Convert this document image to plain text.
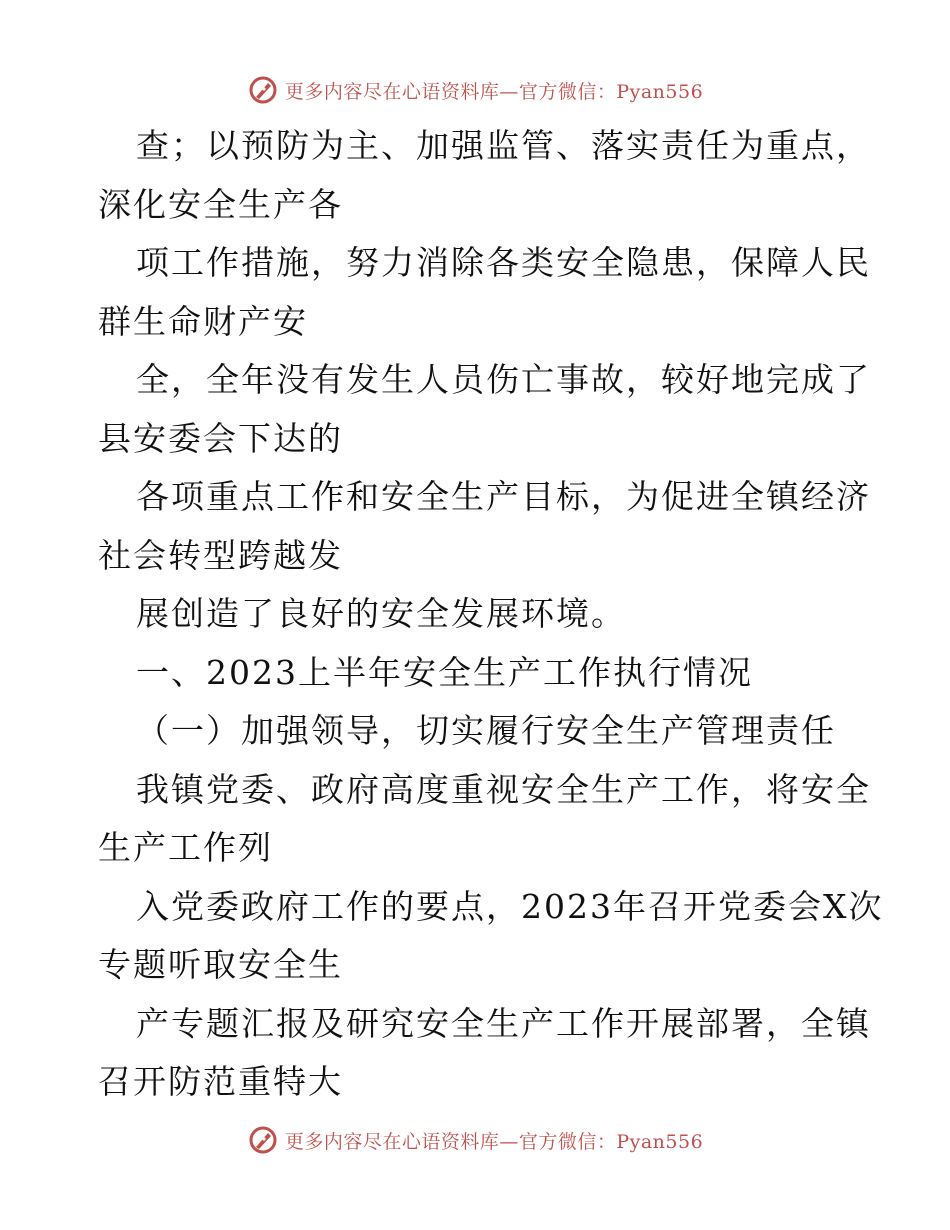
更多内容尽在心语资料库—官方微信：Pyan556
查；以预防为主、加强监管、落实责任为重点，
深化安全生产各
项工作措施，努力消除各类安全隐患，保障人民
群生命财产安
全，全年没有发生人员伤亡事故，较好地完成了
县安委会下达的
各项重点工作和安全生产目标，为促进全镇经济
社会转型跨越发
展创造了良好的安全发展环境。
一、2023上半年安全生产工作执行情况
（一）加强领导，切实履行安全生产管理责任
我镇党委、政府高度重视安全生产工作，将安全
生产工作列
入党委政府工作的要点，2023年召开党委会X次
专题听取安全生
产专题汇报及研究安全生产工作开展部署，全镇
召开防范重特大
更多内容尽在心语资料库—官方微信：Pyan556
